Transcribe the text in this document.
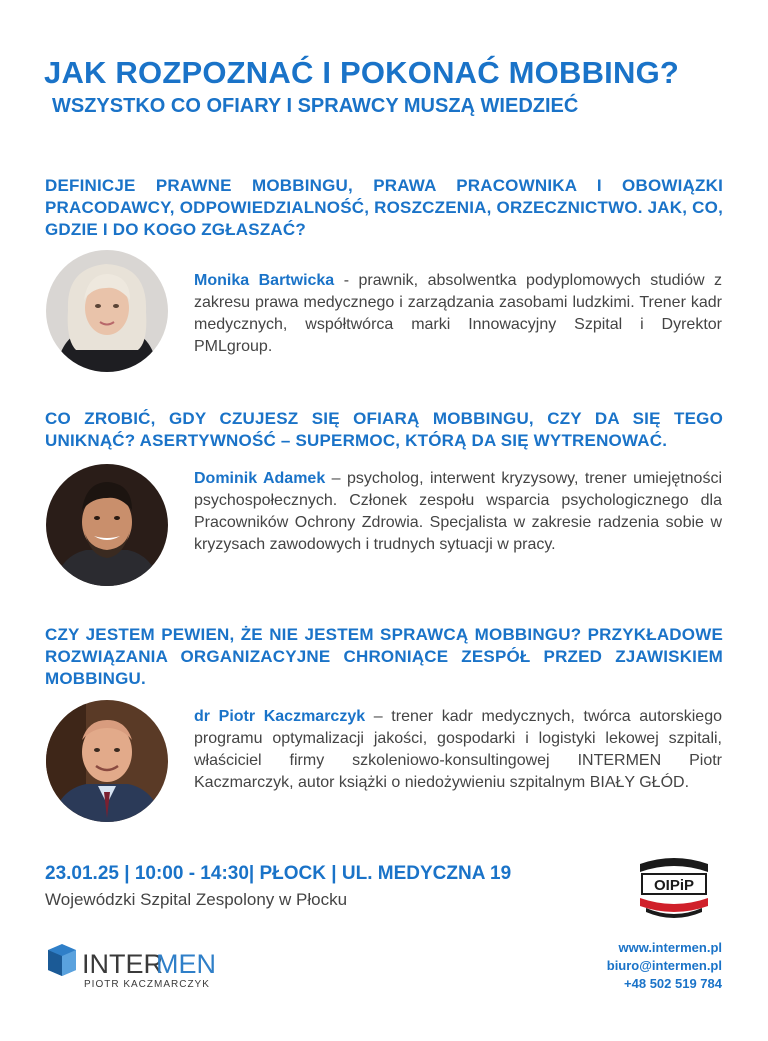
JAK ROZPOZNAĆ I POKONAĆ MOBBING?
WSZYSTKO CO OFIARY I SPRAWCY MUSZĄ WIEDZIEĆ
DEFINICJE PRAWNE MOBBINGU, PRAWA PRACOWNIKA I OBOWIĄZKI PRACODAWCY, ODPOWIEDZIALNOŚĆ, ROSZCZENIA, ORZECZNICTWO. JAK, CO, GDZIE I DO KOGO ZGŁASZAĆ?
Monika Bartwicka - prawnik, absolwentka podyplomowych studiów z zakresu prawa medycznego i zarządzania zasobami ludzkimi. Trener kadr medycznych, współtwórca marki Innowacyjny Szpital i Dyrektor PMLgroup.
CO ZROBIĆ, GDY CZUJESZ SIĘ OFIARĄ MOBBINGU, CZY DA SIĘ TEGO UNIKNĄĆ? ASERTYWNOŚĆ – SUPERMOC, KTÓRĄ DA SIĘ WYTRENOWAĆ.
Dominik Adamek – psycholog, interwent kryzysowy, trener umiejętności psychospołecznych. Członek zespołu wsparcia psychologicznego dla Pracowników Ochrony Zdrowia. Specjalista w zakresie radzenia sobie w kryzysach zawodowych i trudnych sytuacji w pracy.
CZY JESTEM PEWIEN, ŻE NIE JESTEM SPRAWCĄ MOBBINGU? PRZYKŁADOWE ROZWIĄZANIA ORGANIZACYJNE CHRONIĄCE ZESPÓŁ PRZED ZJAWISKIEM MOBBINGU.
dr Piotr Kaczmarczyk – trener kadr medycznych, twórca autorskiego programu optymalizacji jakości, gospodarki i logistyki lekowej szpitali, właściciel firmy szkoleniowo-konsultingowej INTERMEN Piotr Kaczmarczyk, autor książki o niedożywieniu szpitalnym BIAŁY GŁÓD.
23.01.25 | 10:00 - 14:30| PŁOCK | UL. MEDYCZNA 19
Wojewódzki Szpital Zespolony w Płocku
OIPiP
INTER
MEN
PIOTR KACZMARCZYK
www.intermen.pl
biuro@intermen.pl
+48 502 519 784
